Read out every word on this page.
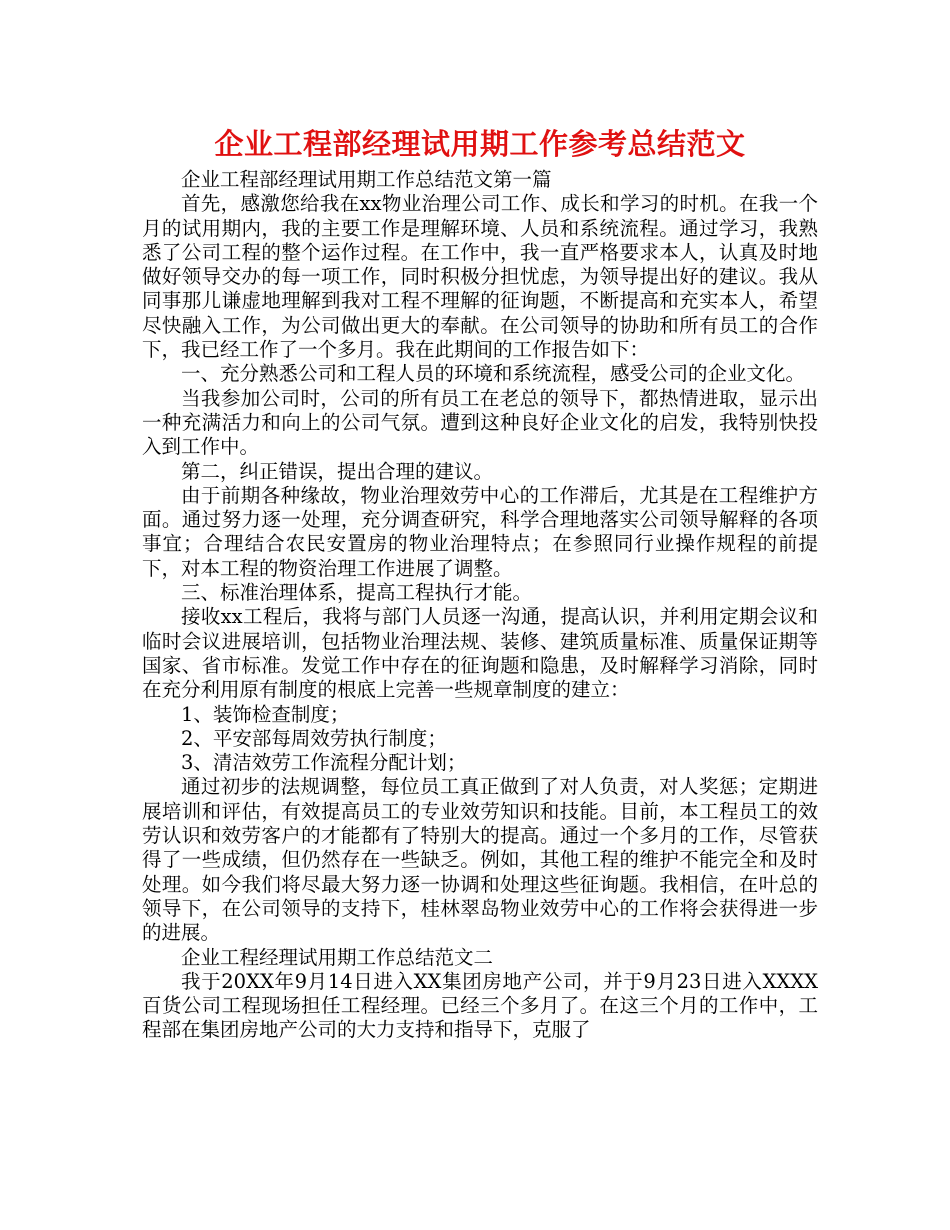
企业工程部经理试用期工作参考总结范文

企业工程部经理试用期工作总结范文第一篇

首先，感激您给我在xx物业治理公司工作、成长和学习的时机。在我一个月的试用期内，我的主要工作是理解环境、人员和系统流程。通过学习，我熟悉了公司工程的整个运作过程。在工作中，我一直严格要求本人，认真及时地做好领导交办的每一项工作，同时积极分担忧虑，为领导提出好的建议。我从同事那儿谦虚地理解到我对工程不理解的征询题，不断提高和充实本人，希望尽快融入工作，为公司做出更大的奉献。在公司领导的协助和所有员工的合作下，我已经工作了一个多月。我在此期间的工作报告如下：

一、充分熟悉公司和工程人员的环境和系统流程，感受公司的企业文化。

当我参加公司时，公司的所有员工在老总的领导下，都热情进取，显示出一种充满活力和向上的公司气氛。遭到这种良好企业文化的启发，我特别快投入到工作中。

第二，纠正错误，提出合理的建议。

由于前期各种缘故，物业治理效劳中心的工作滞后，尤其是在工程维护方面。通过努力逐一处理，充分调查研究，科学合理地落实公司领导解释的各项事宜；合理结合农民安置房的物业治理特点；在参照同行业操作规程的前提下，对本工程的物资治理工作进展了调整。

三、标准治理体系，提高工程执行才能。

接收xx工程后，我将与部门人员逐一沟通，提高认识，并利用定期会议和临时会议进展培训，包括物业治理法规、装修、建筑质量标准、质量保证期等国家、省市标准。发觉工作中存在的征询题和隐患，及时解释学习消除，同时在充分利用原有制度的根底上完善一些规章制度的建立：

1、装饰检查制度；

2、平安部每周效劳执行制度；

3、清洁效劳工作流程分配计划；

通过初步的法规调整，每位员工真正做到了对人负责，对人奖惩；定期进展培训和评估，有效提高员工的专业效劳知识和技能。目前，本工程员工的效劳认识和效劳客户的才能都有了特别大的提高。通过一个多月的工作，尽管获得了一些成绩，但仍然存在一些缺乏。例如，其他工程的维护不能完全和及时处理。如今我们将尽最大努力逐一协调和处理这些征询题。我相信，在叶总的领导下，在公司领导的支持下，桂林翠岛物业效劳中心的工作将会获得进一步的进展。

企业工程经理试用期工作总结范文二

我于20XX年9月14日进入XX集团房地产公司，并于9月23日进入XXXX百货公司工程现场担任工程经理。已经三个多月了。在这三个月的工作中，工程部在集团房地产公司的大力支持和指导下，克服了
